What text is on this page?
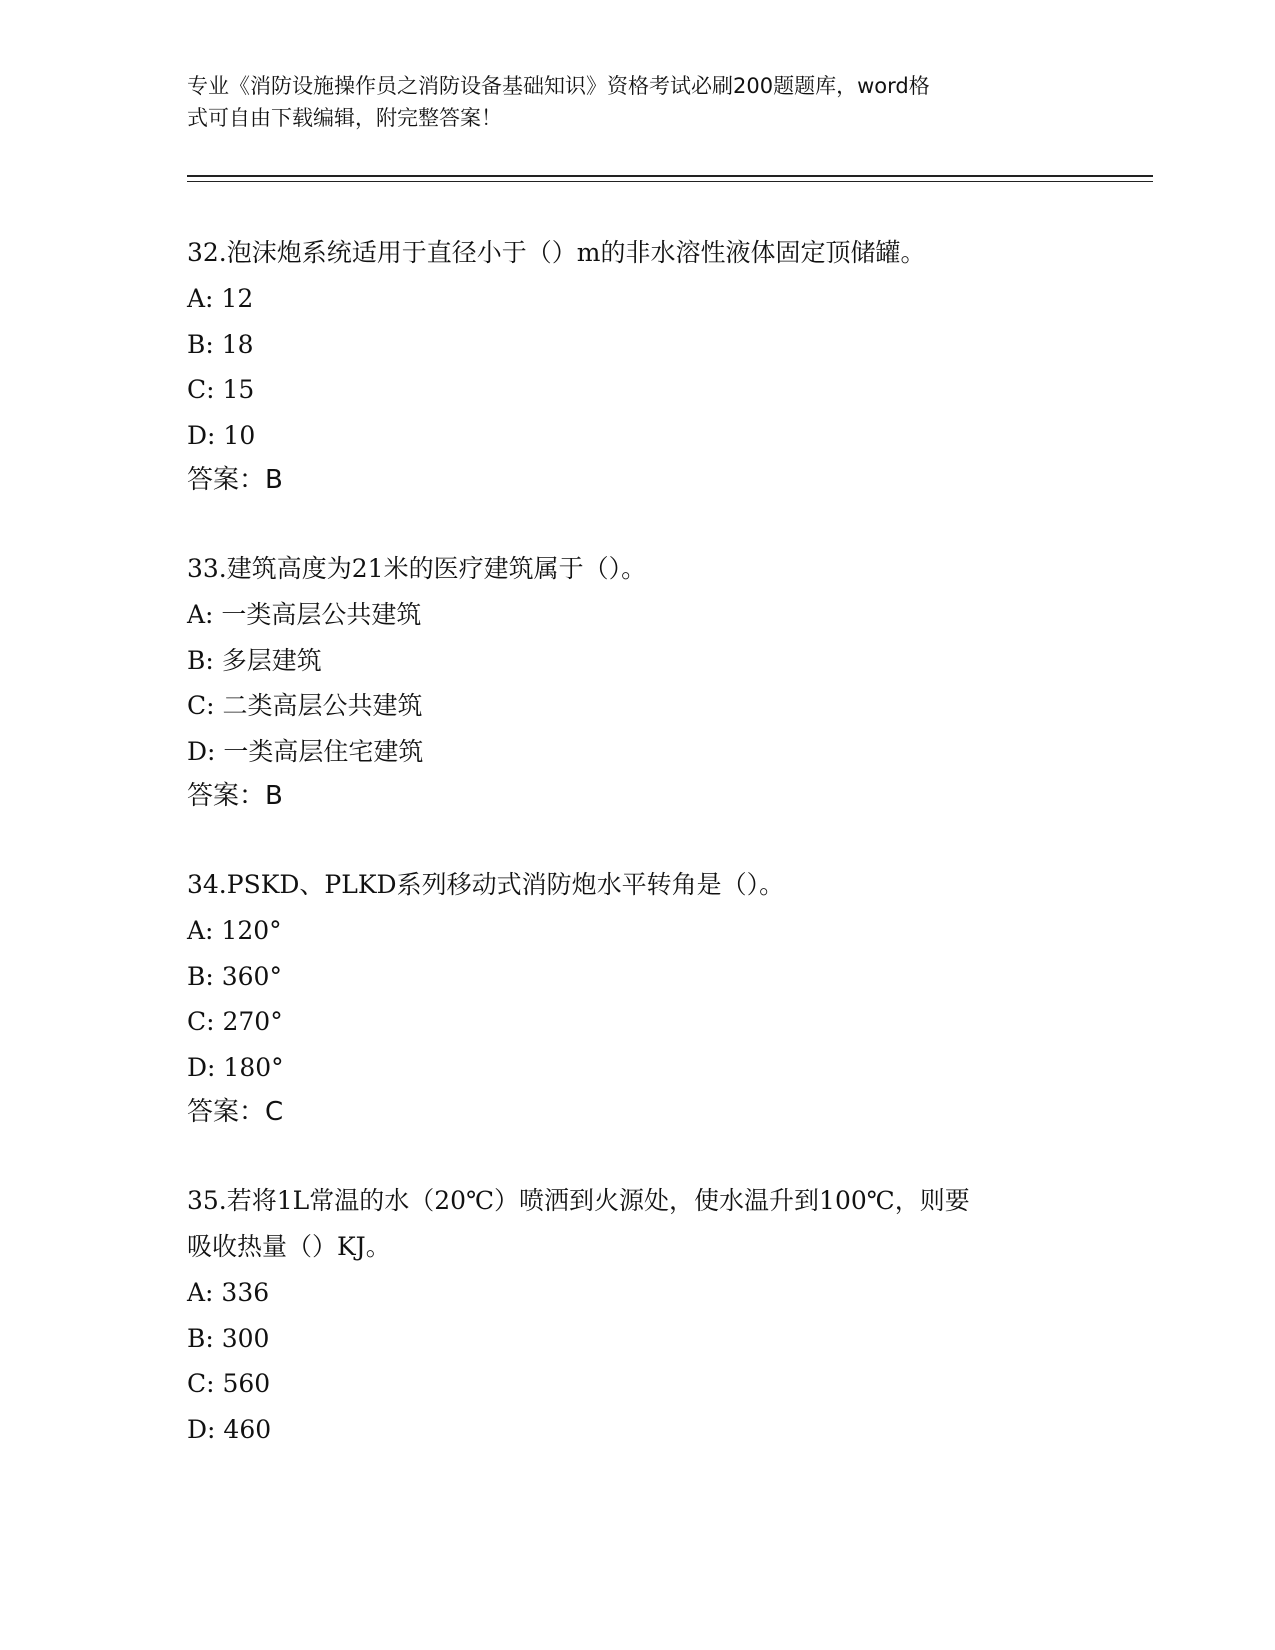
专业《消防设施操作员之消防设备基础知识》资格考试必刷200题题库，word格
式可自由下载编辑，附完整答案！
32.泡沫炮系统适用于直径小于（）m的非水溶性液体固定顶储罐。
A: 12
B: 18
C: 15
D: 10
答案：B
33.建筑高度为21米的医疗建筑属于（）。
A: 一类高层公共建筑
B: 多层建筑
C: 二类高层公共建筑
D: 一类高层住宅建筑
答案：B
34.PSKD、PLKD系列移动式消防炮水平转角是（）。
A: 120°
B: 360°
C: 270°
D: 180°
答案：C
35.若将1L常温的水（20℃）喷洒到火源处，使水温升到100℃，则要
吸收热量（）KJ。
A: 336
B: 300
C: 560
D: 460
